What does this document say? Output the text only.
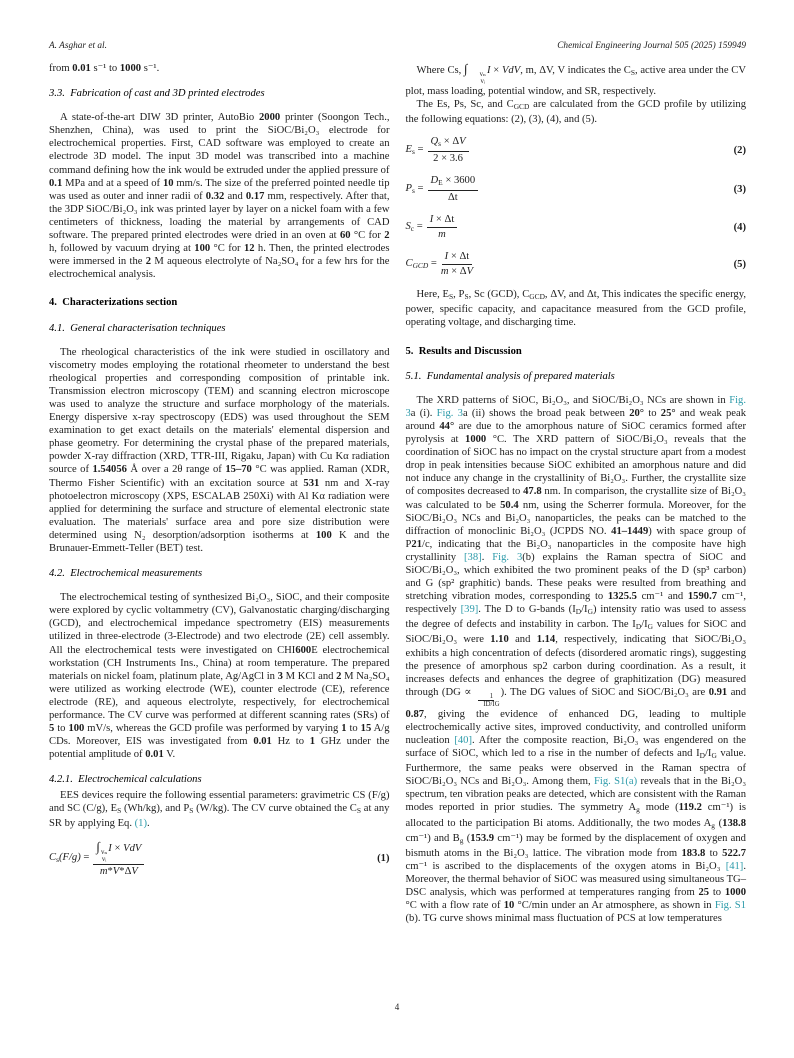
A. Asghar et al.	Chemical Engineering Journal 505 (2025) 159949

from 0.01 s⁻¹ to 1000 s⁻¹.

3.3.  Fabrication of cast and 3D printed electrodes

A state-of-the-art DIW 3D printer, AutoBio 2000 printer (Soongon Tech., Shenzhen, China), was used to print the SiOC/Bi₂O₃ electrode for electrochemical properties. First, CAD software was employed to create an electrode 3D model. The input 3D model was transcribed into a machine command defining how the ink would be extruded under the applied pressure of 0.1 MPa and at a speed of 10 mm/s. The size of the preferred pointed needle tip was used as outer and inner radii of 0.32 and 0.17 mm, respectively. After that, the 3DP SiOC/Bi₂O₃ ink was printed layer by layer on a nickel foam with a few centimeters of thickness, loading the material by arrangements of CAD software. The prepared printed electrodes were dried in an oven at 60 °C for 2 h, followed by vacuum drying at 100 °C for 12 h. Then, the printed electrodes were immersed in the 2 M aqueous electrolyte of Na₂SO₄ for a few hrs for the electrochemical analysis.

4.  Characterizations section
4.1.  General characterisation techniques

The rheological characteristics of the ink were studied in oscillatory and viscometry modes employing the rotational rheometer to understand the best rheological properties and corresponding composition of printable ink. Transmission electron microscopy (TEM) and scanning electron microscope was used to analyze the structure and surface morphology of the materials. Energy dispersive x-ray spectroscopy (EDS) was used throughout the SEM examination to get exact details on the materials' elemental dispersion and phase geometry. For determining the crystal phase of the prepared materials, powder X-ray diffraction (XRD, TTR-III, Rigaku, Japan) with Cu Kα radiation source of 1.54056 Å over a 2θ range of 15–70 °C was applied. Raman (XDR, Thermo Fisher Scientific) with an excitation source at 531 nm and X-ray photoelectron microscopy (XPS, ESCALAB 250Xi) with Al Kα radiation were applied for determining the surface and structure of elemental electronic state evaluation. The materials' surface area and pore size distribution were determined using N₂ desorption/adsorption isotherms at 100 K and the Brunauer-Emmett-Teller (BET) test.

4.2.  Electrochemical measurements

The electrochemical testing of synthesized Bi₂O₃, SiOC, and their composite were explored by cyclic voltammetry (CV), Galvanostatic charging/discharging (GCD), and electrochemical impedance spectrometry (EIS) measurements utilized in three-electrode (3-Electrode) and two electrode (2E) cell assembly. All the electrochemical tests were investigated on CHI600E electrochemical workstation (CH Instruments Ins., China) at room temperature. The prepared materials on nickel foam, platinum plate, Ag/AgCl in 3 M KCl and 2 M Na₂SO₄ were utilized as working electrode (WE), counter electrode (CE), reference electrode (RE), and aqueous electrolyte, respectively, for electrochemical performance. The CV curve was performed at different scanning rates (SRs) of 5 to 100 mV/s, whereas the GCD profile was performed by varying 1 to 15 A/g CDs. Moreover, EIS was investigated from 0.01 Hz to 1 GHz under the potential amplitude of 0.01 V.

4.2.1.  Electrochemical calculations

EES devices require the following essential parameters: gravimetric CS (F/g) and SC (C/g), ES (Wh/kg), and PS (W/kg). The CV curve obtained the CS at any SR by applying Eq. (1).

Cs(F/g) = ∫ vₙ
vᵢ
I × VdV
m*V*ΔV	(1)

Where Cs, ∫	vₙ
vᵢ
I × VdV, m, ΔV, V indicates the CS, active area under the CV plot, mass loading, potential window, and SR, respectively.

The Es, Ps, Sc, and CGCD are calculated from the GCD profile by utilizing the following equations: (2), (3), (4), and (5).

$Es = \frac{Qs \times \Delta V}{2 \times 3.6}$	(2)
$Ps = \frac{DE \times 3600}{\Delta t}$	(3)
$Sc = \frac{I \times \Delta t}{m}$	(4)
CGCD = $\frac{I \times \Delta t}{m \times \Delta V}$	(5)

Here, ES, PS, Sc (GCD), CGCD, ΔV, and Δt, This indicates the specific energy, power, specific capacity, and capacitance measured from the GCD profile, operating voltage, and discharging time.

5.  Results and Discussion
5.1.  Fundamental analysis of prepared materials

The XRD patterns of SiOC, Bi₂O₃, and SiOC/Bi₂O₃ NCs are shown in Fig. 3a (i). Fig. 3a (ii) shows the broad peak between 20° to 25° and weak peak around 44° are due to the amorphous nature of SiOC ceramics formed after pyrolysis at 1000 °C. The XRD pattern of SiOC/Bi₂O₃ reveals that the coordination of SiOC has no impact on the crystal structure apart from a modest drop in peak intensities because SiOC exhibited an amorphous nature and did not induce any change in the crystallinity of Bi₂O₃. Further, the crystallite size of composites decreased to 47.8 nm. In comparison, the crystallite size of Bi₂O₃ was calculated to be 50.4 nm, using the Scherrer formula. Moreover, for the SiOC/Bi₂O₃ NCs and Bi₂O₃ nanoparticles, the peaks can be matched to the diffraction of monoclinic Bi₂O₃ (JCPDS NO. 41–1449) with space group of P21/c, indicating that the Bi₂O₃ nanoparticles in the composite have high crystallinity [38]. Fig. 3(b) explains the Raman spectra of SiOC and SiOC/Bi₂O₃, which exhibited the two prominent peaks of the D (sp³ carbon) and G (sp² graphitic) bands. These peaks were resulted from breathing and stretching vibration modes, corresponding to 1325.5 cm⁻¹ and 1590.7 cm⁻¹, respectively [39]. The D to G-bands (ID/IG) intensity ratio was used to assess the degree of defects and instability in carbon. The ID/IG values for SiOC and SiOC/Bi₂O₃ were 1.10 and 1.14, respectively, indicating that SiOC/Bi₂O₃ exhibits a high concentration of defects (disordered aromatic rings), suggesting the presence of amorphous sp2 carbon during coordination. As a result, it increases defects and enhances the degree of graphitization (DG) measured through (DG ∝
$\frac{1}{ID/IG}$
). The DG values of SiOC and SiOC/Bi₂O₃ are 0.91 and 0.87, giving the evidence of enhanced DG, leading to multiple electrochemically active sites, improved conductivity, and controlled uniform nucleation [40]. After the composite reaction, Bi₂O₃ was engendered on the surface of SiOC, which led to a rise in the number of defects and ID/IG value. Furthermore, the same peaks were observed in the Raman spectra of SiOC/Bi₂O₃ NCs and Bi₂O₃. Among them, Fig. S1(a) reveals that in the Bi₂O₃ spectrum, ten vibration peaks are detected, which are consistent with the Raman modes reported in prior studies. The symmetry Ag mode (119.2 cm⁻¹) is allocated to the participation Bi atoms. Additionally, the two modes Ag (138.8 cm⁻¹) and Bg (153.9 cm⁻¹) may be formed by the displacement of oxygen and bismuth atoms in the Bi₂O₃ lattice. The vibration mode from 183.8 to 522.7 cm⁻¹ is ascribed to the displacements of the oxygen atoms in Bi₂O₃ [41]. Moreover, the thermal behavior of SiOC was measured using simultaneous TG–DSC analysis, which was performed at temperatures ranging from 25 to 1000 °C with a flow rate of 10 °C/min under an Ar atmosphere, as shown in Fig. S1 (b). TG curve shows minimal mass fluctuation of PCS at low temperatures

4
